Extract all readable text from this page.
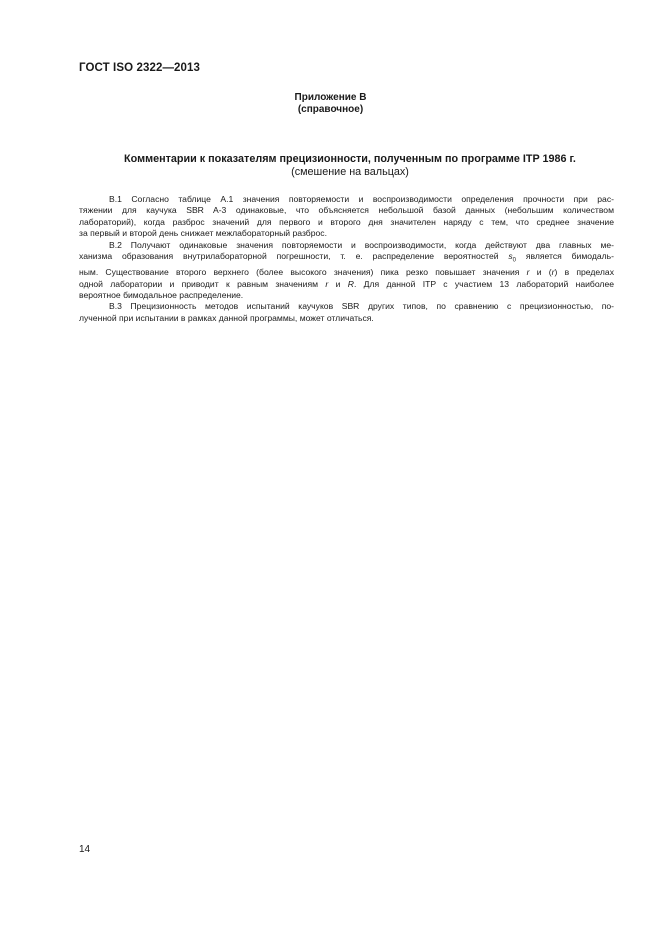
ГОСТ ISO 2322—2013
Приложение В
(справочное)
Комментарии к показателям прецизионности, полученным по программе ITP 1986 г.
(смешение на вальцах)
В.1 Согласно таблице А.1 значения повторяемости и воспроизводимости определения прочности при рас-
тяжении для каучука SBR A-3 одинаковые, что объясняется небольшой базой данных (небольшим количеством
лабораторий), когда разброс значений для первого и второго дня значителен наряду с тем, что среднее значение
за первый и второй день снижает межлабораторный разброс.
В.2 Получают одинаковые значения повторяемости и воспроизводимости, когда действуют два главных ме-
ханизма образования внутрилабораторной погрешности, т. е. распределение вероятностей $s_0$ является бимодаль-
ным. Существование второго верхнего (более высокого значения) пика резко повышает значения r и (r) в пределах
одной лаборатории и приводит к равным значениям r и R. Для данной ITP с участием 13 лабораторий наиболее
вероятное бимодальное распределение.
В.3 Прецизионность методов испытаний каучуков SBR других типов, по сравнению с прецизионностью, по-
лученной при испытании в рамках данной программы, может отличаться.
14
